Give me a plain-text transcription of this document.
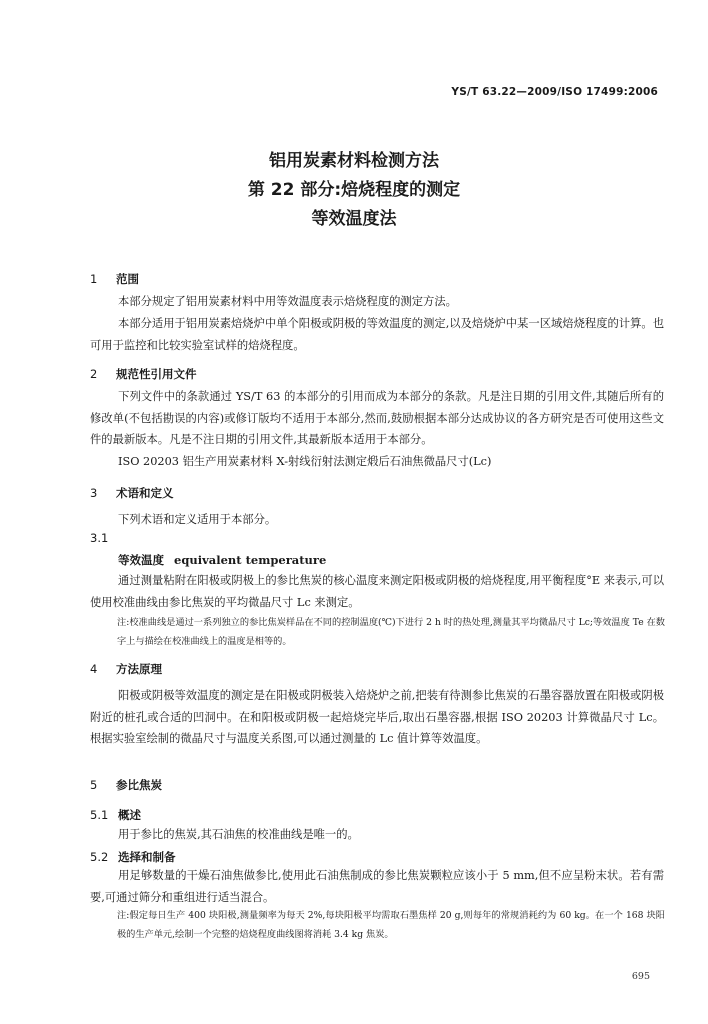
YS/T 63.22—2009/ISO 17499:2006
铝用炭素材料检测方法
第 22 部分:焙烧程度的测定
等效温度法
1 范围
本部分规定了铝用炭素材料中用等效温度表示焙烧程度的测定方法。
本部分适用于铝用炭素焙烧炉中单个阳极或阴极的等效温度的测定,以及焙烧炉中某一区域焙烧程度的计算。也可用于监控和比较实验室试样的焙烧程度。
2 规范性引用文件
下列文件中的条款通过 YS/T 63 的本部分的引用而成为本部分的条款。凡是注日期的引用文件,其随后所有的修改单(不包括勘误的内容)或修订版均不适用于本部分,然而,鼓励根据本部分达成协议的各方研究是否可使用这些文件的最新版本。凡是不注日期的引用文件,其最新版本适用于本部分。
ISO 20203 铝生产用炭素材料 X-射线衍射法测定煅后石油焦微晶尺寸(Lc)
3 术语和定义
下列术语和定义适用于本部分。
3.1
等效温度 equivalent temperature
通过测量粘附在阳极或阴极上的参比焦炭的核心温度来测定阳极或阴极的焙烧程度,用平衡程度°E 来表示,可以使用校准曲线由参比焦炭的平均微晶尺寸 Lc 来测定。
注:校准曲线是通过一系列独立的参比焦炭样品在不同的控制温度(℃)下进行 2 h 时的热处理,测量其平均微晶尺寸 Lc;等效温度 Te 在数字上与描绘在校准曲线上的温度是相等的。
4 方法原理
阳极或阴极等效温度的测定是在阳极或阴极装入焙烧炉之前,把装有待测参比焦炭的石墨容器放置在阳极或阴极附近的桩孔或合适的凹洞中。在和阳极或阴极一起焙烧完毕后,取出石墨容器,根据 ISO 20203 计算微晶尺寸 Lc。根据实验室绘制的微晶尺寸与温度关系图,可以通过测量的 Lc 值计算等效温度。
5 参比焦炭
5.1 概述
用于参比的焦炭,其石油焦的校准曲线是唯一的。
5.2 选择和制备
用足够数量的干燥石油焦做参比,使用此石油焦制成的参比焦炭颗粒应该小于 5 mm,但不应呈粉末状。若有需要,可通过筛分和重组进行适当混合。
注:假定每日生产 400 块阳极,测量频率为每天 2%,每块阳极平均需取石墨焦样 20 g,则每年的常规消耗约为 60 kg。在一个 168 块阳极的生产单元,绘制一个完整的焙烧程度曲线图将消耗 3.4 kg 焦炭。
695
